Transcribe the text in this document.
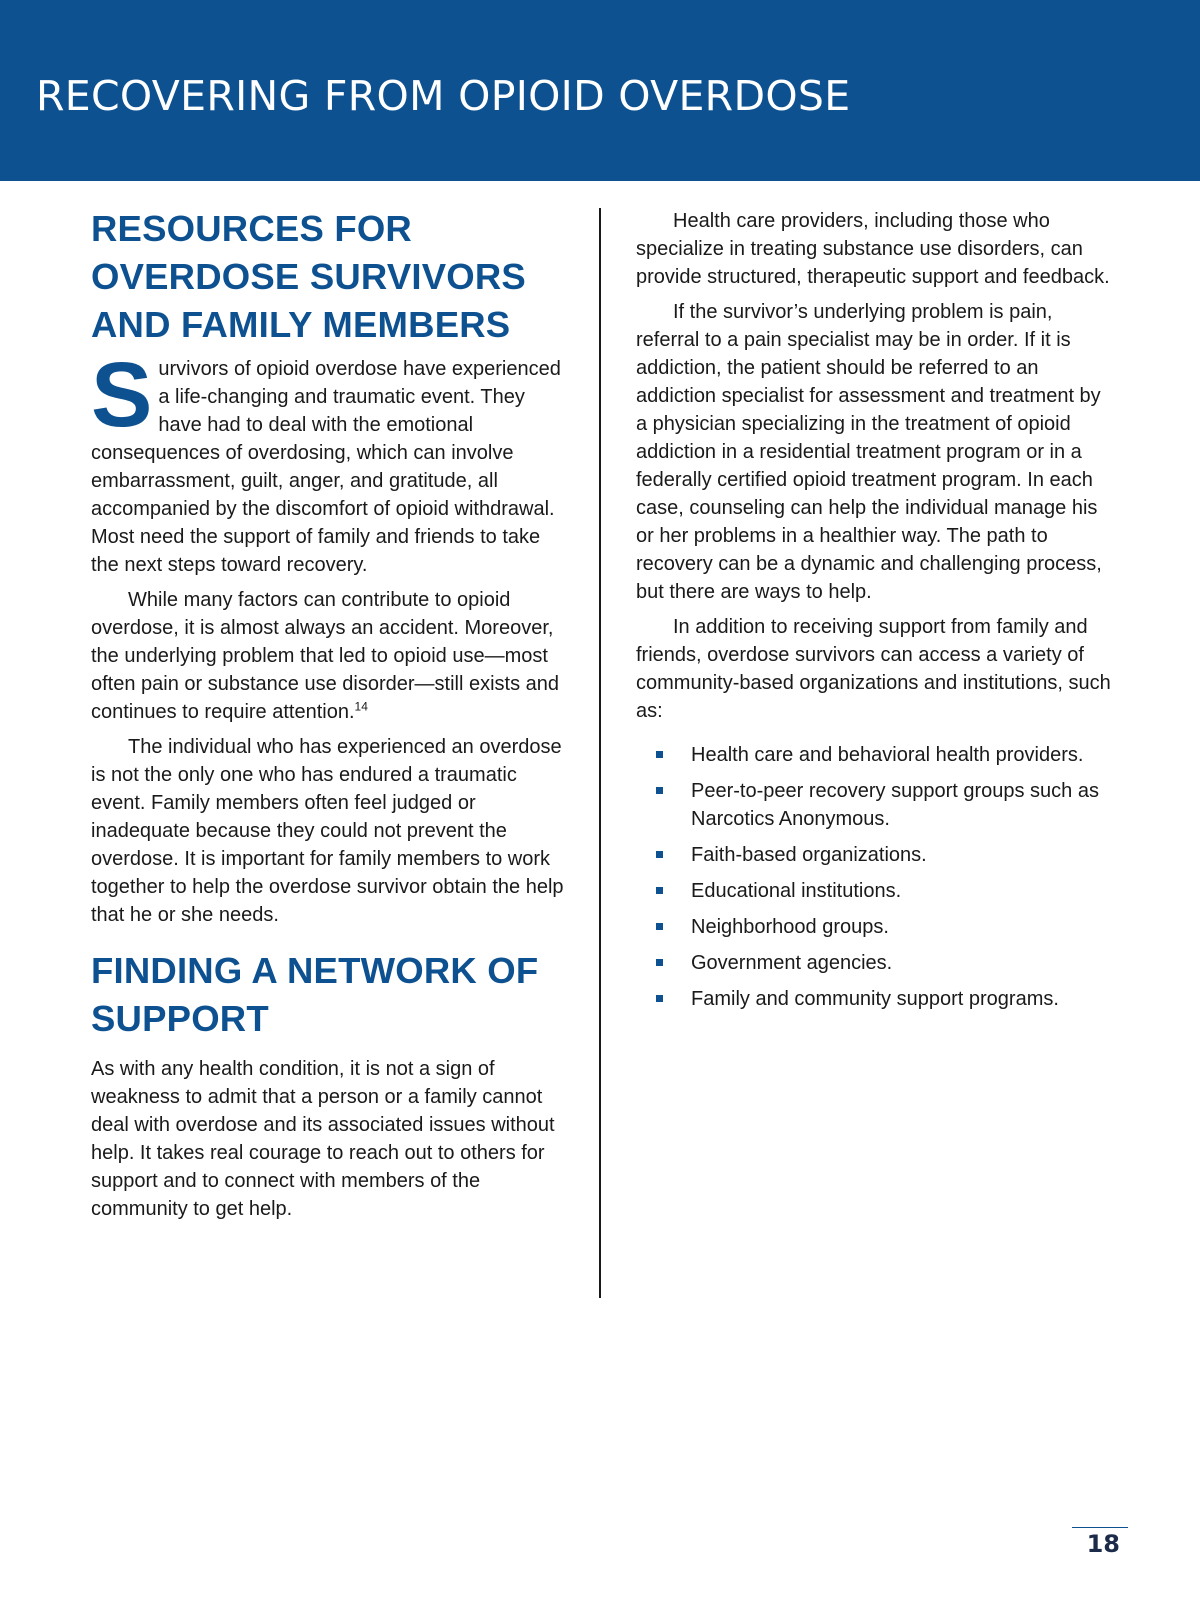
RECOVERING FROM OPIOID OVERDOSE
RESOURCES FOR
OVERDOSE SURVIVORS
AND FAMILY MEMBERS

Survivors of opioid overdose have experienced a life-changing and traumatic event. They have had to deal with the emotional consequences of overdosing, which can involve embarrassment, guilt, anger, and gratitude, all accompanied by the discomfort of opioid withdrawal. Most need the support of family and friends to take the next steps toward recovery.

While many factors can contribute to opioid overdose, it is almost always an accident. Moreover, the underlying problem that led to opioid use—most often pain or substance use disorder—still exists and continues to require attention.$^{14}$

The individual who has experienced an overdose is not the only one who has endured a traumatic event. Family members often feel judged or inadequate because they could not prevent the overdose. It is important for family members to work together to help the overdose survivor obtain the help that he or she needs.

FINDING A NETWORK OF
SUPPORT

As with any health condition, it is not a sign of weakness to admit that a person or a family cannot deal with overdose and its associated issues without help. It takes real courage to reach out to others for support and to connect with members of the community to get help.

Health care providers, including those who specialize in treating substance use disorders, can provide structured, therapeutic support and feedback.

If the survivor’s underlying problem is pain, referral to a pain specialist may be in order. If it is addiction, the patient should be referred to an addiction specialist for assessment and treatment by a physician specializing in the treatment of opioid addiction in a residential treatment program or in a federally certified opioid treatment program. In each case, counseling can help the individual manage his or her problems in a healthier way. The path to recovery can be a dynamic and challenging process, but there are ways to help.

In addition to receiving support from family and friends, overdose survivors can access a variety of community-based organizations and institutions, such as:

Health care and behavioral health providers.
Peer-to-peer recovery support groups such as Narcotics Anonymous.
Faith-based organizations.
Educational institutions.
Neighborhood groups.
Government agencies.
Family and community support programs.
18
